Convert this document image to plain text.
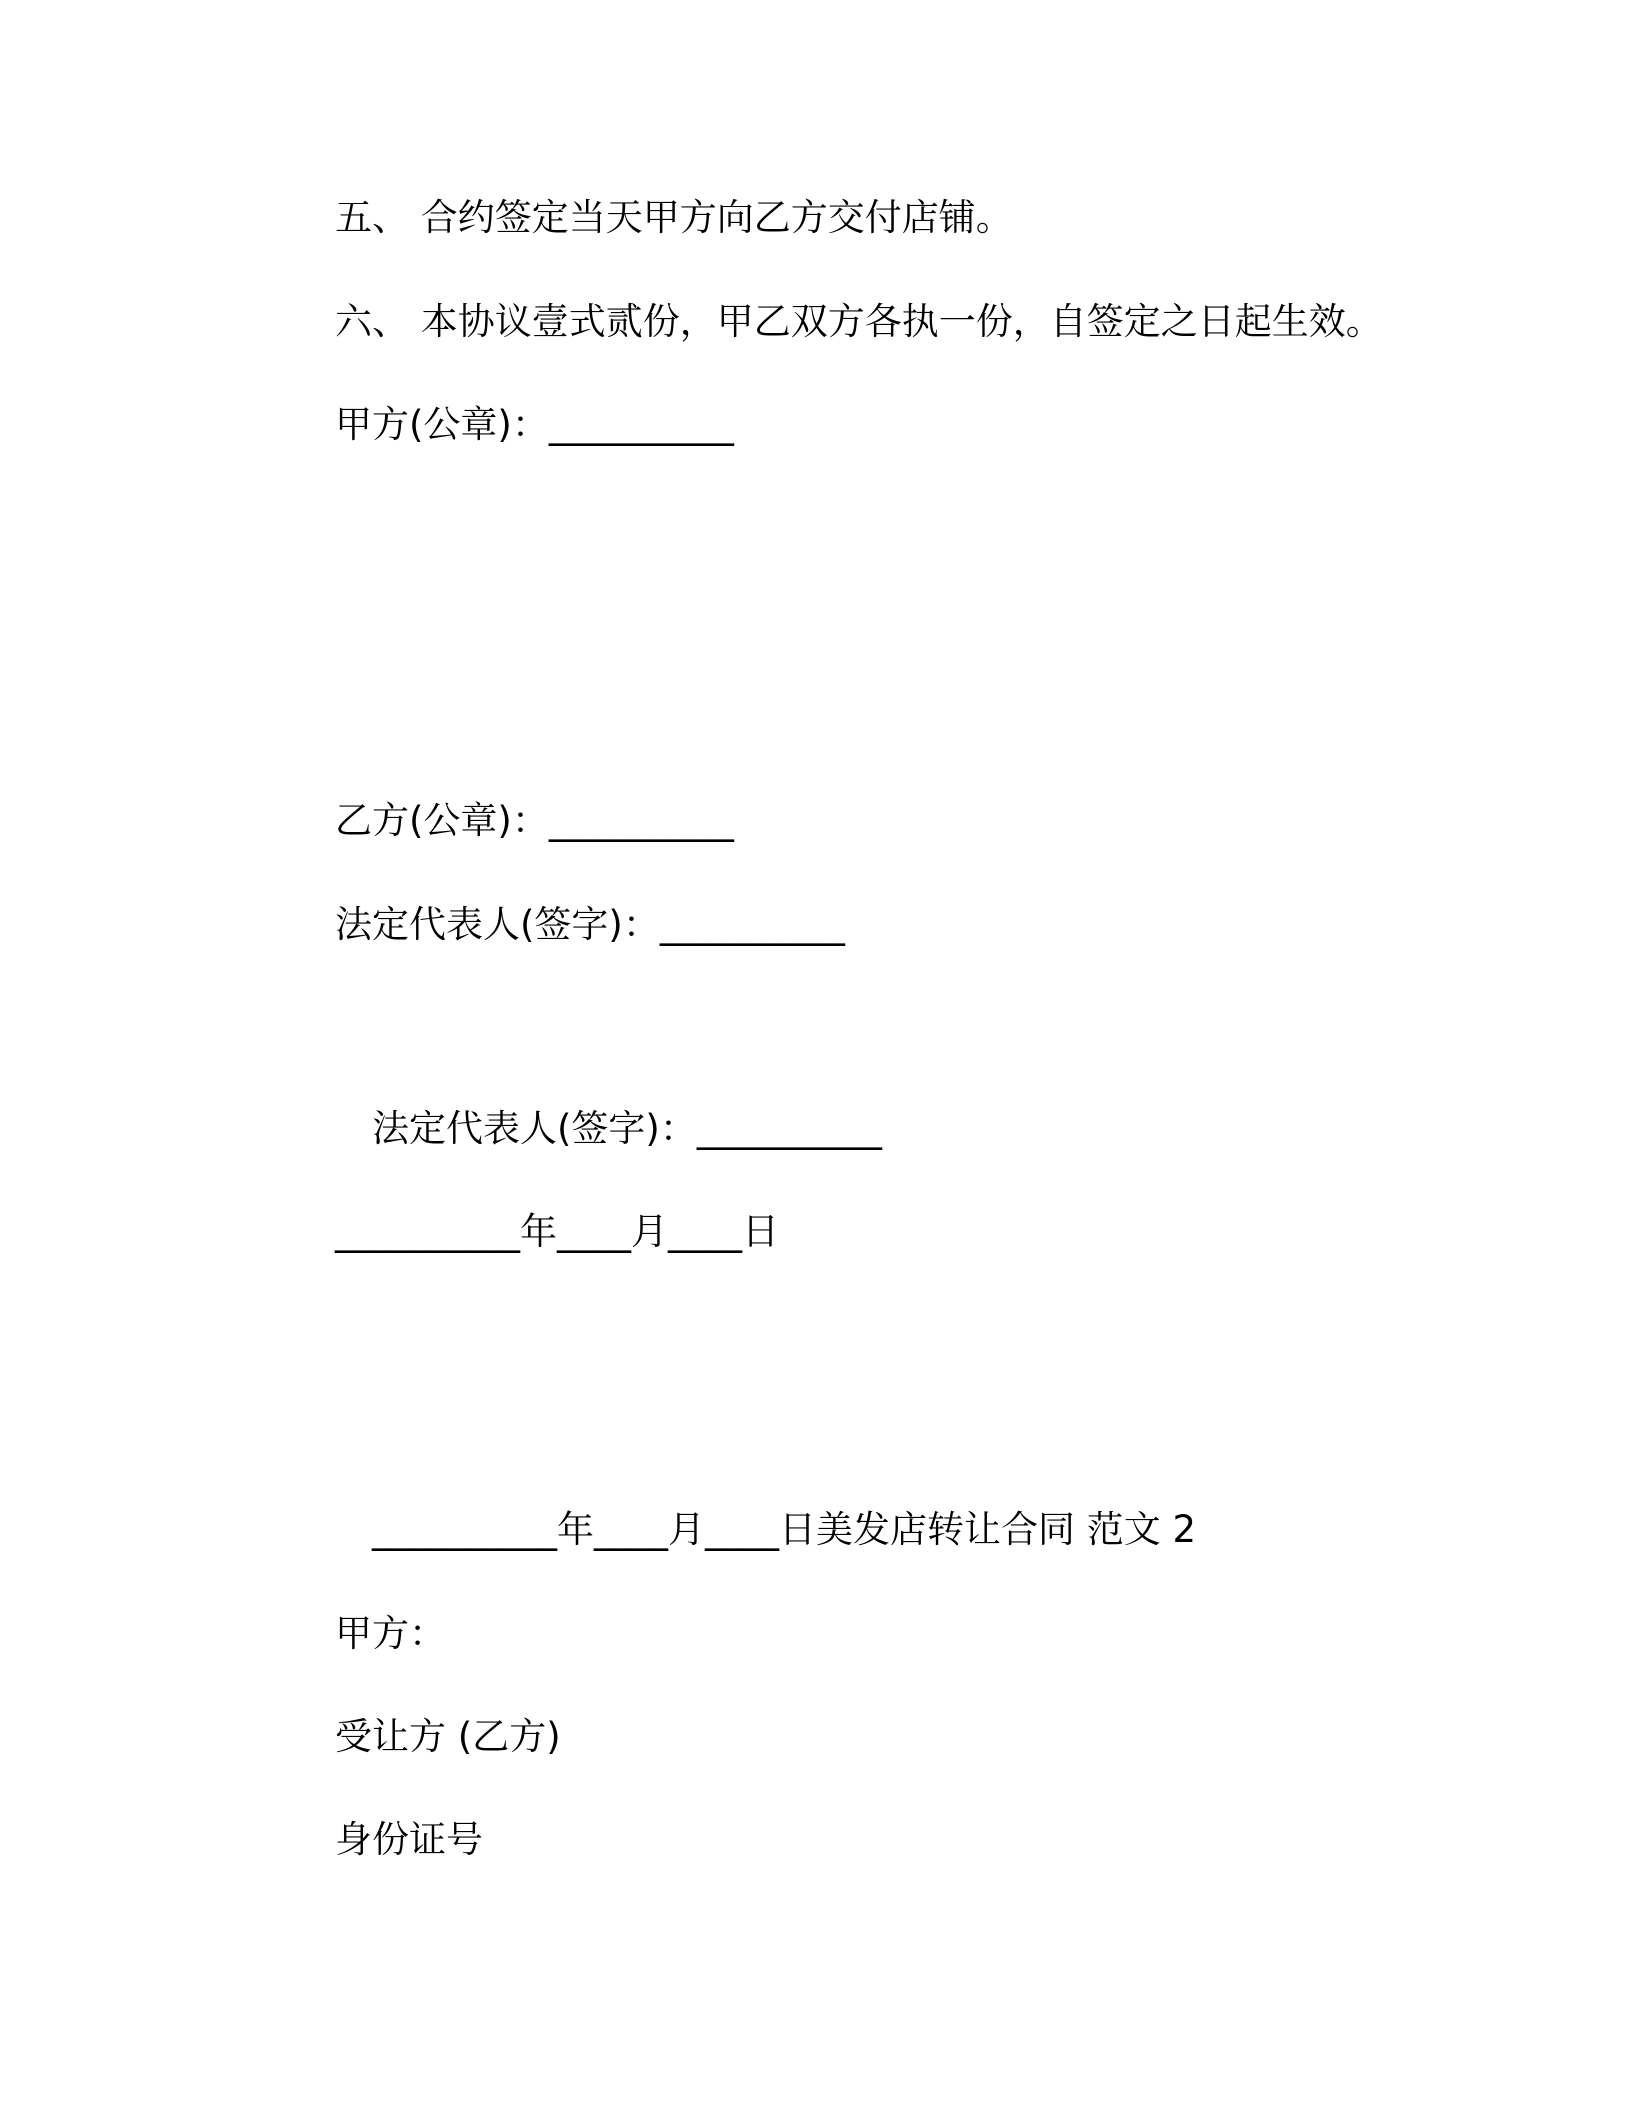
五、 合约签定当天甲方向乙方交付店铺。

六、 本协议壹式贰份，甲乙双方各执一份，自签定之日起生效。

甲方(公章)：__________

乙方(公章)：__________

法定代表人(签字)：__________

法定代表人(签字)：__________

__________年____月____日

__________年____月____日美发店转让合同 范文 2

甲方：

受让方 (乙方)

身份证号
